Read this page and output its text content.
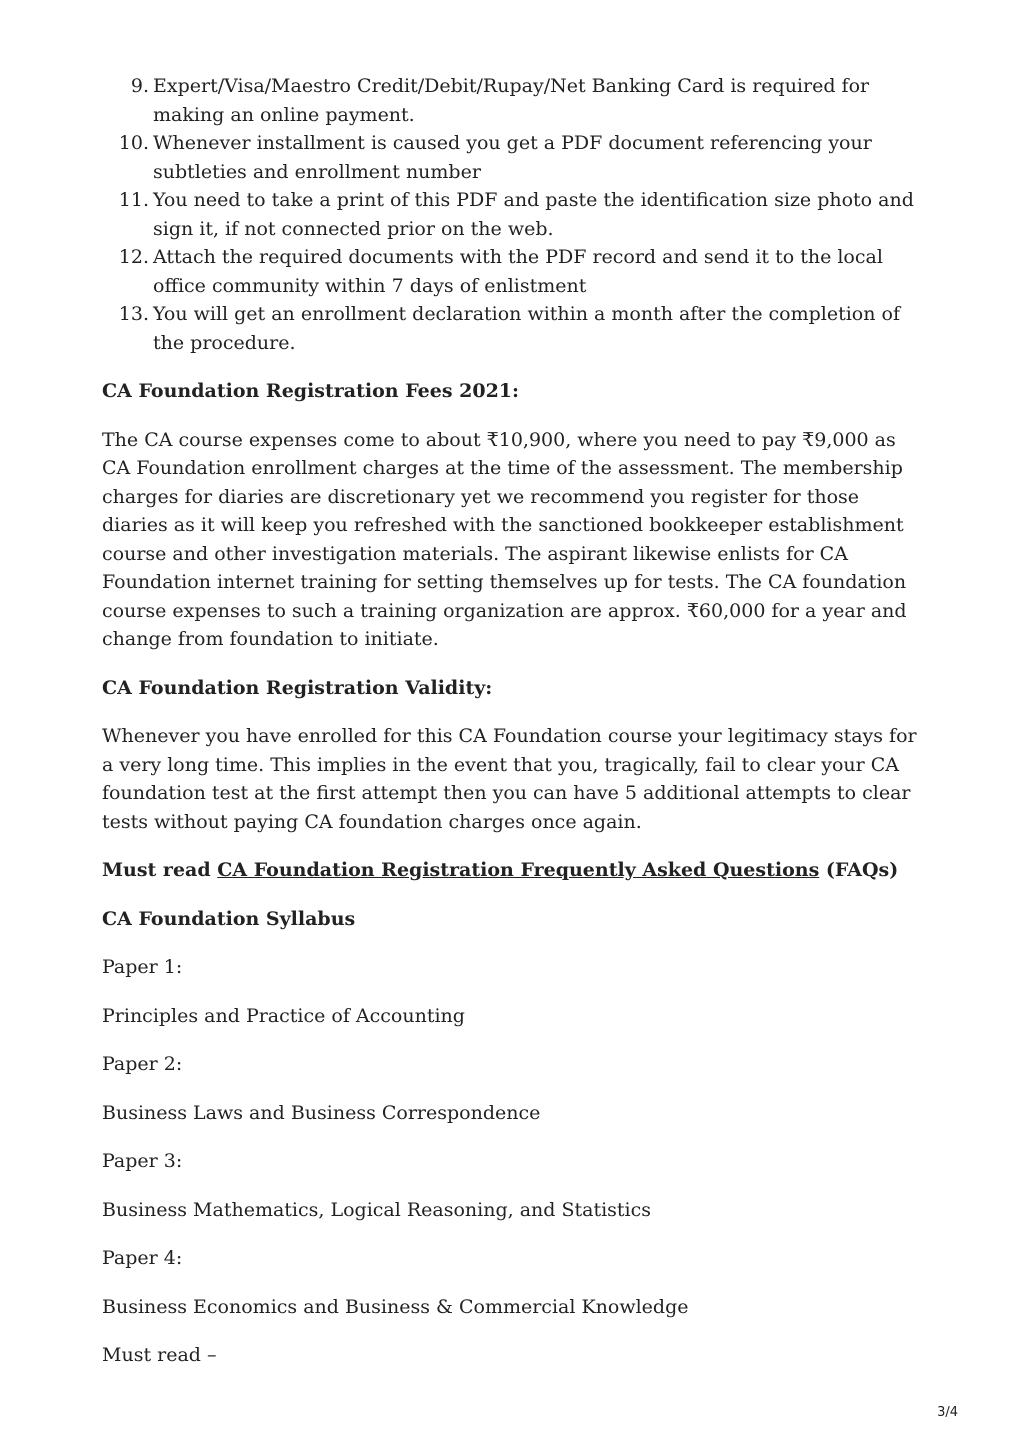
9. Expert/Visa/Maestro Credit/Debit/Rupay/Net Banking Card is required for making an online payment.
10. Whenever installment is caused you get a PDF document referencing your subtleties and enrollment number
11. You need to take a print of this PDF and paste the identification size photo and sign it, if not connected prior on the web.
12. Attach the required documents with the PDF record and send it to the local office community within 7 days of enlistment
13. You will get an enrollment declaration within a month after the completion of the procedure.
CA Foundation Registration Fees 2021:

The CA course expenses come to about ₹10,900, where you need to pay ₹9,000 as CA Foundation enrollment charges at the time of the assessment. The membership charges for diaries are discretionary yet we recommend you register for those diaries as it will keep you refreshed with the sanctioned bookkeeper establishment course and other investigation materials. The aspirant likewise enlists for CA Foundation internet training for setting themselves up for tests. The CA foundation course expenses to such a training organization are approx. ₹60,000 for a year and change from foundation to initiate.

CA Foundation Registration Validity:

Whenever you have enrolled for this CA Foundation course your legitimacy stays for a very long time. This implies in the event that you, tragically, fail to clear your CA foundation test at the first attempt then you can have 5 additional attempts to clear tests without paying CA foundation charges once again.

Must read CA Foundation Registration Frequently Asked Questions (FAQs)
CA Foundation Syllabus

Paper 1:

Principles and Practice of Accounting

Paper 2:

Business Laws and Business Correspondence

Paper 3:

Business Mathematics, Logical Reasoning, and Statistics

Paper 4:

Business Economics and Business & Commercial Knowledge

Must read –

3/4
